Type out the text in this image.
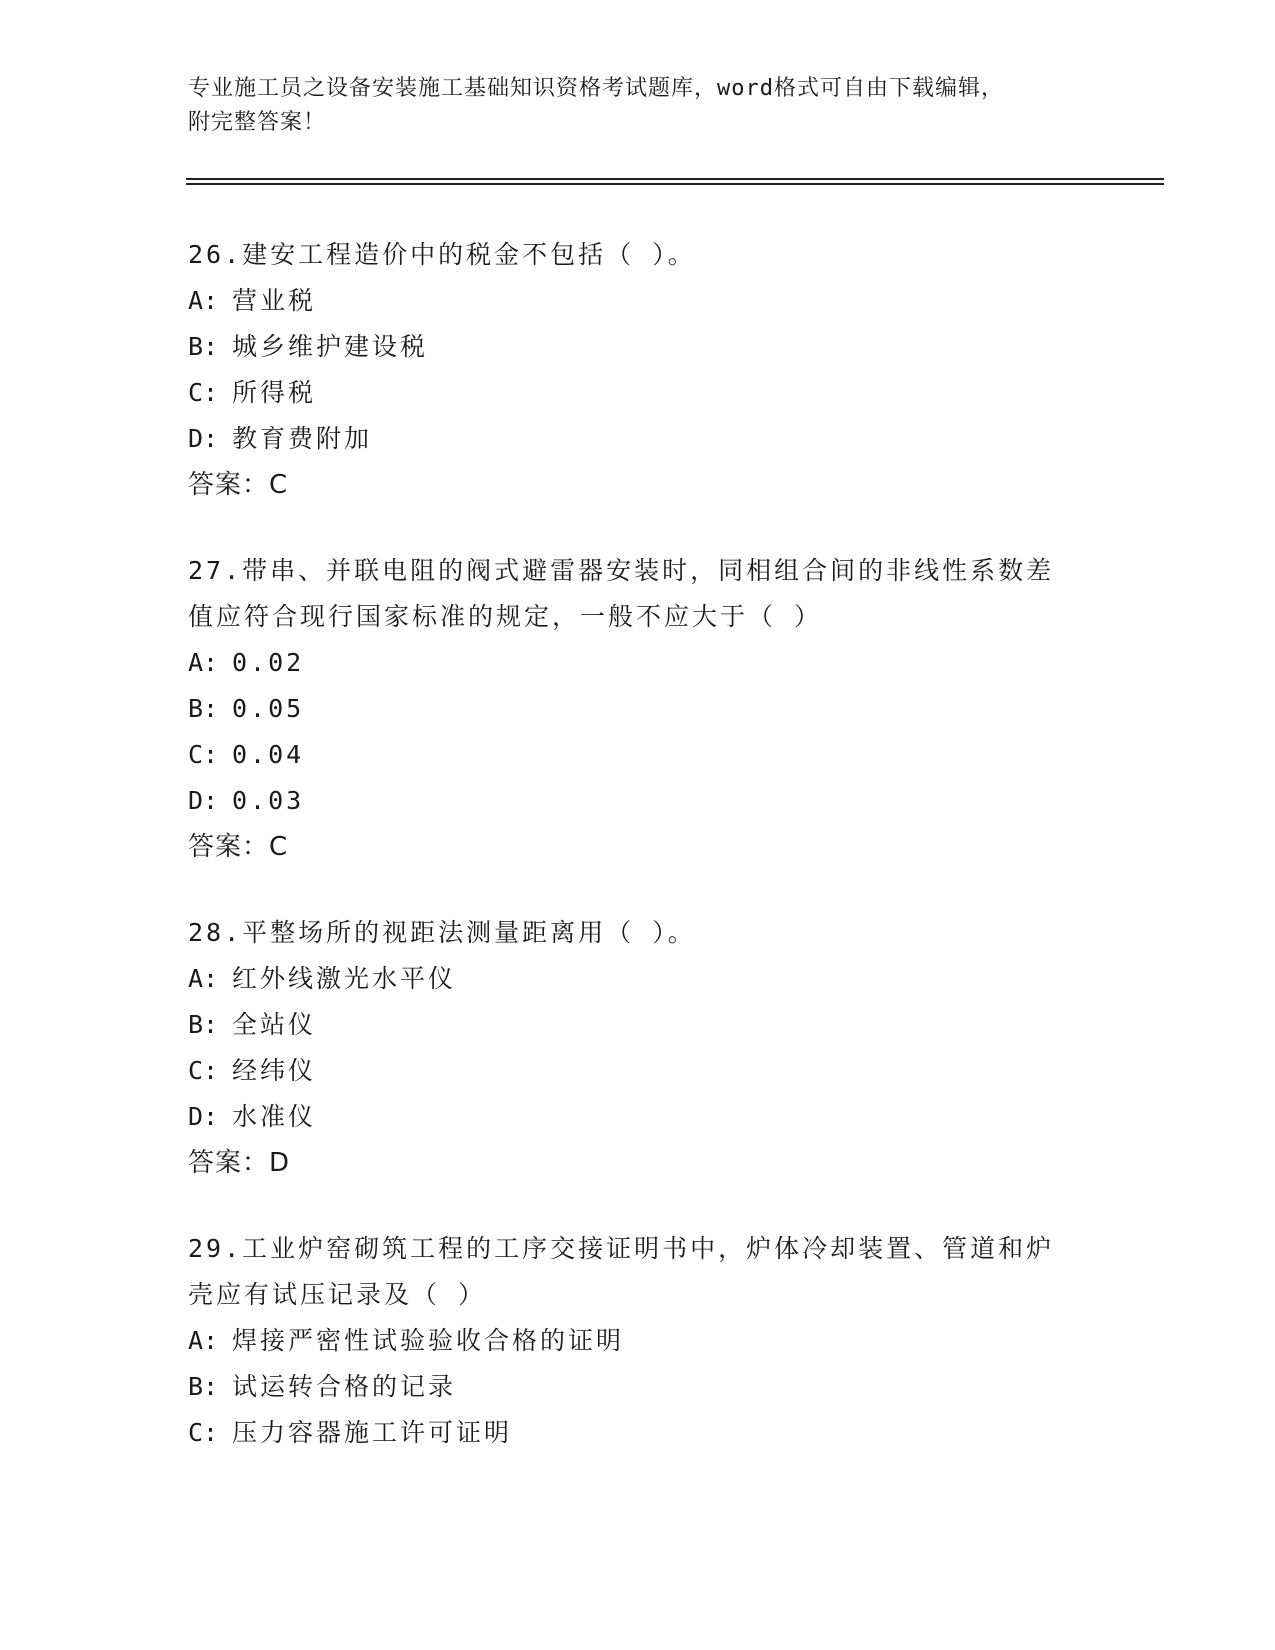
专业施工员之设备安装施工基础知识资格考试题库，word格式可自由下载编辑，
附完整答案！
26.建安工程造价中的税金不包括（ ）。
A: 营业税
B: 城乡维护建设税
C: 所得税
D: 教育费附加
答案：C
27.带串、并联电阻的阀式避雷器安装时，同相组合间的非线性系数差
值应符合现行国家标准的规定，一般不应大于（ ）
A: 0.02
B: 0.05
C: 0.04
D: 0.03
答案：C
28.平整场所的视距法测量距离用（ ）。
A: 红外线激光水平仪
B: 全站仪
C: 经纬仪
D: 水准仪
答案：D
29.工业炉窑砌筑工程的工序交接证明书中，炉体冷却装置、管道和炉
壳应有试压记录及（ ）
A: 焊接严密性试验验收合格的证明
B: 试运转合格的记录
C: 压力容器施工许可证明
